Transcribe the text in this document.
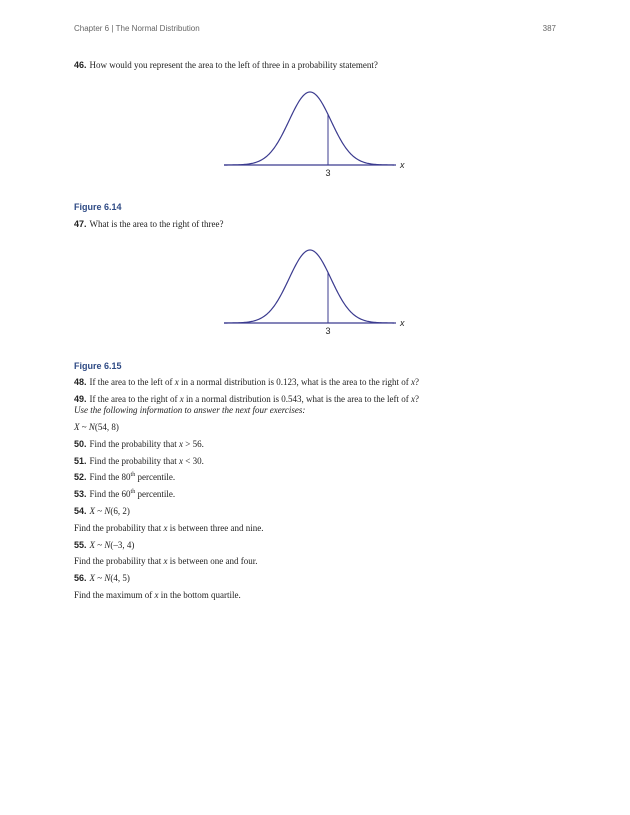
Chapter 6 | The Normal Distribution	387
46. How would you represent the area to the left of three in a probability statement?
3
x
Figure 6.14
47. What is the area to the right of three?
3
x
Figure 6.15
48. If the area to the left of x in a normal distribution is 0.123, what is the area to the right of x?
49. If the area to the right of x in a normal distribution is 0.543, what is the area to the left of x?
Use the following information to answer the next four exercises:
X ~ N(54, 8)
50. Find the probability that x > 56.
51. Find the probability that x < 30.
52. Find the 80th percentile.
53. Find the 60th percentile.
54. X ~ N(6, 2)
Find the probability that x is between three and nine.
55. X ~ N(–3, 4)
Find the probability that x is between one and four.
56. X ~ N(4, 5)
Find the maximum of x in the bottom quartile.
